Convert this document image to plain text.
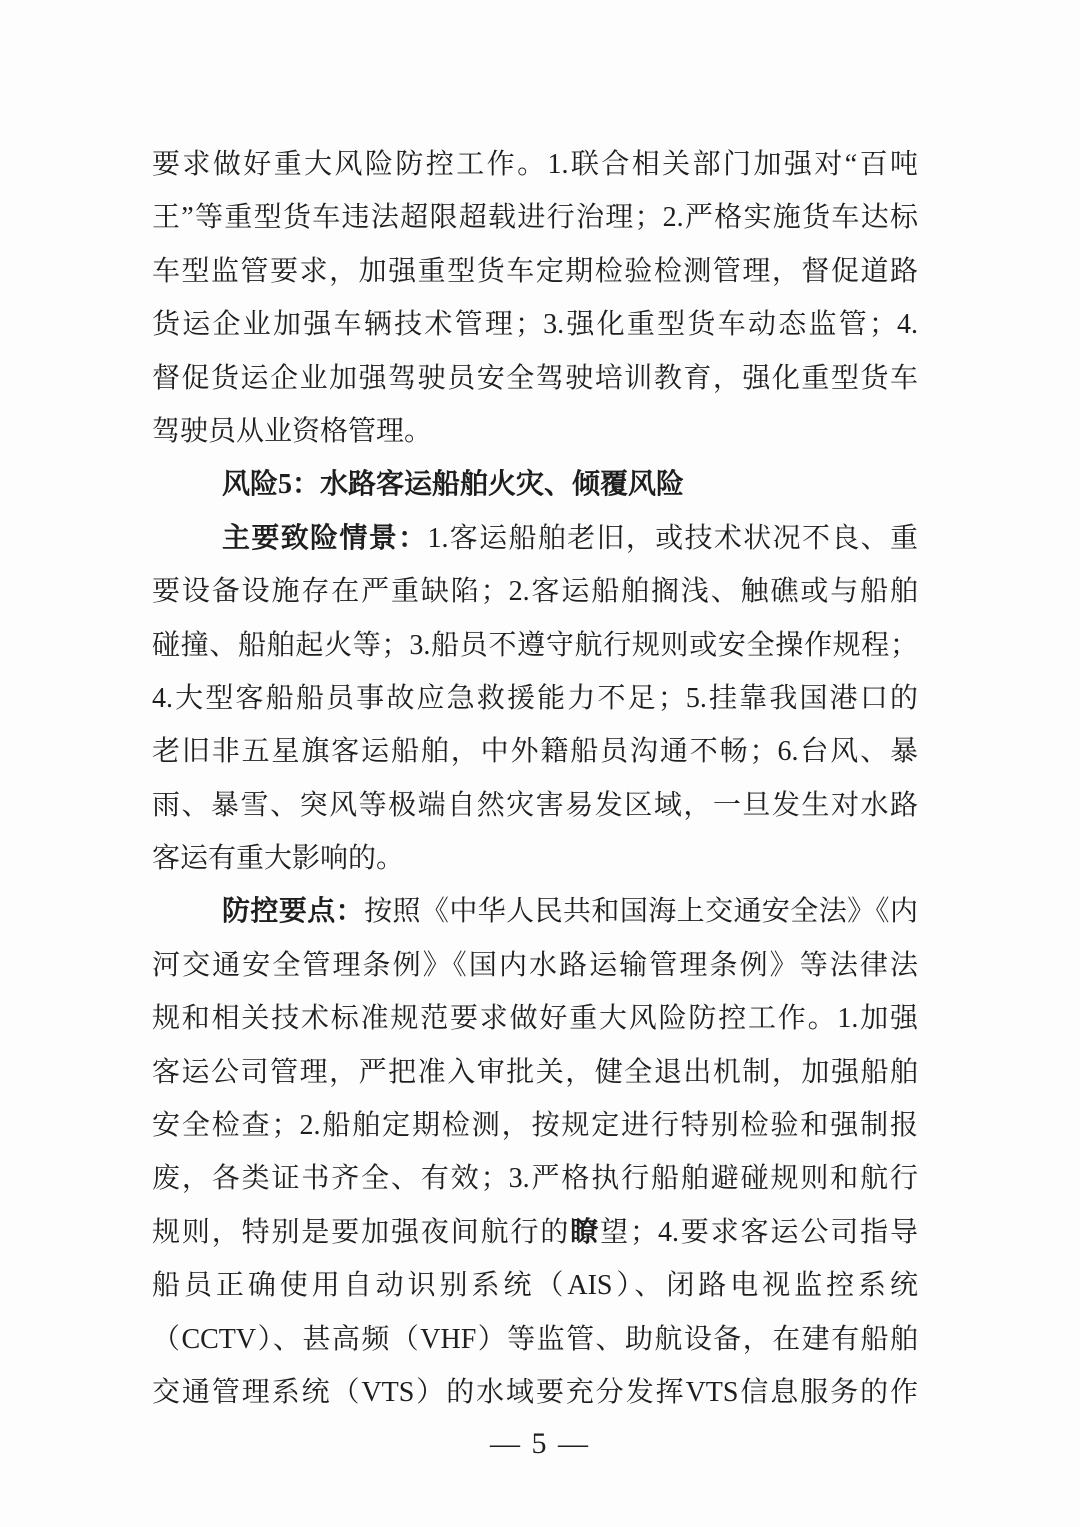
要求做好重大风险防控工作。1.联合相关部门加强对“百吨
王”等重型货车违法超限超载进行治理；2.严格实施货车达标
车型监管要求，加强重型货车定期检验检测管理，督促道路
货运企业加强车辆技术管理；3.强化重型货车动态监管；4.
督促货运企业加强驾驶员安全驾驶培训教育，强化重型货车
驾驶员从业资格管理。
风险5：水路客运船舶火灾、倾覆风险
主要致险情景：1.客运船舶老旧，或技术状况不良、重
要设备设施存在严重缺陷；2.客运船舶搁浅、触礁或与船舶
碰撞、船舶起火等；3.船员不遵守航行规则或安全操作规程；
4.大型客船船员事故应急救援能力不足；5.挂靠我国港口的
老旧非五星旗客运船舶，中外籍船员沟通不畅；6.台风、暴
雨、暴雪、突风等极端自然灾害易发区域，一旦发生对水路
客运有重大影响的。
防控要点：按照《中华人民共和国海上交通安全法》《内
河交通安全管理条例》《国内水路运输管理条例》等法律法
规和相关技术标准规范要求做好重大风险防控工作。1.加强
客运公司管理，严把准入审批关，健全退出机制，加强船舶
安全检查；2.船舶定期检测，按规定进行特别检验和强制报
废，各类证书齐全、有效；3.严格执行船舶避碰规则和航行
规则，特别是要加强夜间航行的瞭望；4.要求客运公司指导
船员正确使用自动识别系统（AIS）、闭路电视监控系统
（CCTV）、甚高频（VHF）等监管、助航设备，在建有船舶
交通管理系统（VTS）的水域要充分发挥VTS信息服务的作
— 5 —
